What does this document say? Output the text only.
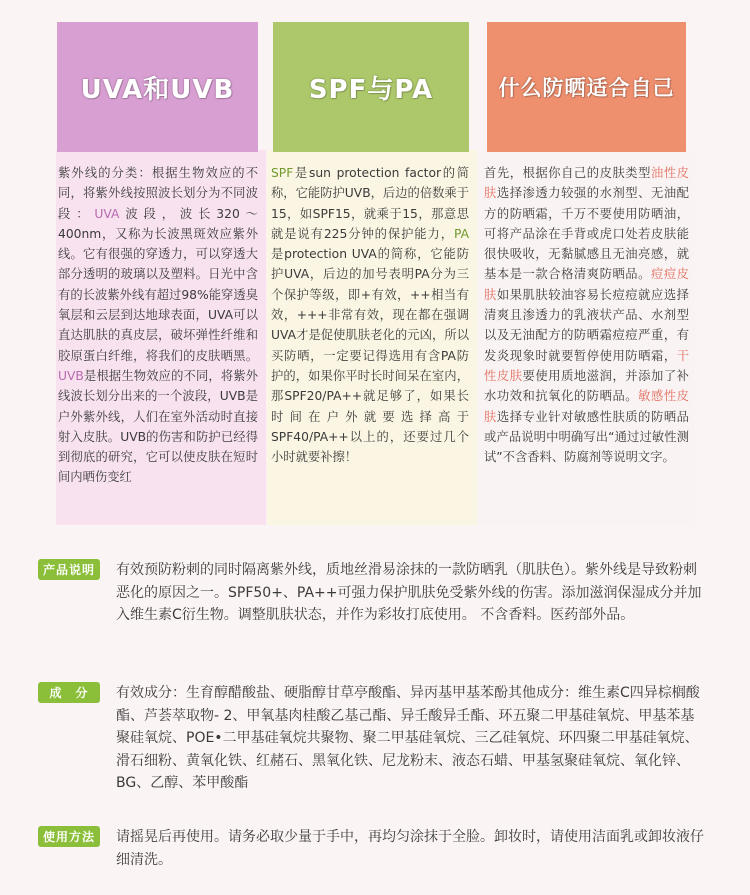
UVA和UVB	SPF与PA	什么防晒适合自己
紫外线的分类：根据生物效应的不同，将紫外线按照波长划分为不同波段：UVA波段，波长320～400nm，又称为长波黑斑效应紫外线。它有很强的穿透力，可以穿透大部分透明的玻璃以及塑料。日光中含有的长波紫外线有超过98%能穿透臭氧层和云层到达地球表面，UVA可以直达肌肤的真皮层，破坏弹性纤维和胶原蛋白纤维，将我们的皮肤晒黑。UVB是根据生物效应的不同，将紫外线波长划分出来的一个波段，UVB是户外紫外线，人们在室外活动时直接射入皮肤。UVB的伤害和防护已经得到彻底的研究，它可以使皮肤在短时间内晒伤变红
SPF是sun protection factor的简称，它能防护UVB，后边的倍数乘于15，如SPF15，就乘于15，那意思就是说有225分钟的保护能力，PA是protection UVA的简称，它能防护UVA，后边的加号表明PA分为三个保护等级，即+有效，++相当有效，+++非常有效，现在都在强调UVA才是促使肌肤老化的元凶，所以买防晒，一定要记得选用有含PA防护的，如果你平时长时间呆在室内，那SPF20/PA++就足够了，如果长时间在户外就要选择高于SPF40/PA++以上的，还要过几个小时就要补擦！
首先，根据你自己的皮肤类型油性皮肤选择渗透力较强的水剂型、无油配方的防晒霜，千万不要使用防晒油，可将产品涂在手背或虎口处若皮肤能很快吸收，无黏腻感且无油亮感，就基本是一款合格清爽防晒品。痘痘皮肤如果肌肤较油容易长痘痘就应选择清爽且渗透力的乳液状产品、水剂型以及无油配方的防晒霜痘痘严重，有发炎现象时就要暂停使用防晒霜，干性皮肤要使用质地滋润，并添加了补水功效和抗氧化的防晒品。敏感性皮肤选择专业针对敏感性肤质的防晒品或产品说明中明确写出“通过过敏性测试”不含香料、防腐剂等说明文字。
产品说明	有效预防粉刺的同时隔离紫外线，质地丝滑易涂抹的一款防晒乳（肌肤色）。紫外线是导致粉刺恶化的原因之一。SPF50+、PA++可强力保护肌肤免受紫外线的伤害。添加滋润保湿成分并加入维生素C衍生物。调整肌肤状态，并作为彩妆打底使用。 不含香料。医药部外品。
成　分	有效成分：生育醇醋酸盐、硬脂醇甘草亭酸酯、异丙基甲基苯酚其他成分：维生素C四异棕榈酸酯、芦荟萃取物- 2、甲氧基肉桂酸乙基己酯、异壬酸异壬酯、环五聚二甲基硅氧烷、甲基苯基聚硅氧烷、POE•二甲基硅氧烷共聚物、聚二甲基硅氧烷、三乙硅氧烷、环四聚二甲基硅氧烷、滑石细粉、黄氧化铁、红赭石、黑氧化铁、尼龙粉末、液态石蜡、甲基氢聚硅氧烷、氧化锌、BG、乙醇、苯甲酸酯
使用方法	请摇晃后再使用。请务必取少量于手中，再均匀涂抹于全脸。卸妆时，请使用洁面乳或卸妆液仔细清洗。
